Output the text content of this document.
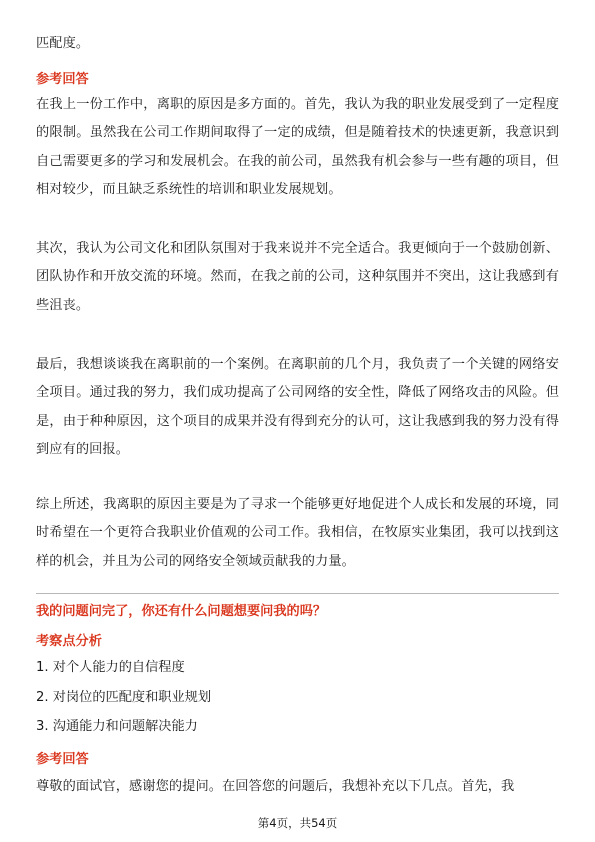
匹配度。

参考回答

在我上一份工作中，离职的原因是多方面的。首先，我认为我的职业发展受到了一定程度的限制。虽然我在公司工作期间取得了一定的成绩，但是随着技术的快速更新，我意识到自己需要更多的学习和发展机会。在我的前公司，虽然我有机会参与一些有趣的项目，但相对较少，而且缺乏系统性的培训和职业发展规划。

其次，我认为公司文化和团队氛围对于我来说并不完全适合。我更倾向于一个鼓励创新、团队协作和开放交流的环境。然而，在我之前的公司，这种氛围并不突出，这让我感到有些沮丧。

最后，我想谈谈我在离职前的一个案例。在离职前的几个月，我负责了一个关键的网络安全项目。通过我的努力，我们成功提高了公司网络的安全性，降低了网络攻击的风险。但是，由于种种原因，这个项目的成果并没有得到充分的认可，这让我感到我的努力没有得到应有的回报。

综上所述，我离职的原因主要是为了寻求一个能够更好地促进个人成长和发展的环境，同时希望在一个更符合我职业价值观的公司工作。我相信，在牧原实业集团，我可以找到这样的机会，并且为公司的网络安全领域贡献我的力量。

我的问题问完了，你还有什么问题想要问我的吗？

考察点分析

1. 对个人能力的自信程度

2. 对岗位的匹配度和职业规划

3. 沟通能力和问题解决能力

参考回答

尊敬的面试官，感谢您的提问。在回答您的问题后，我想补充以下几点。首先，我

第4页，共54页
